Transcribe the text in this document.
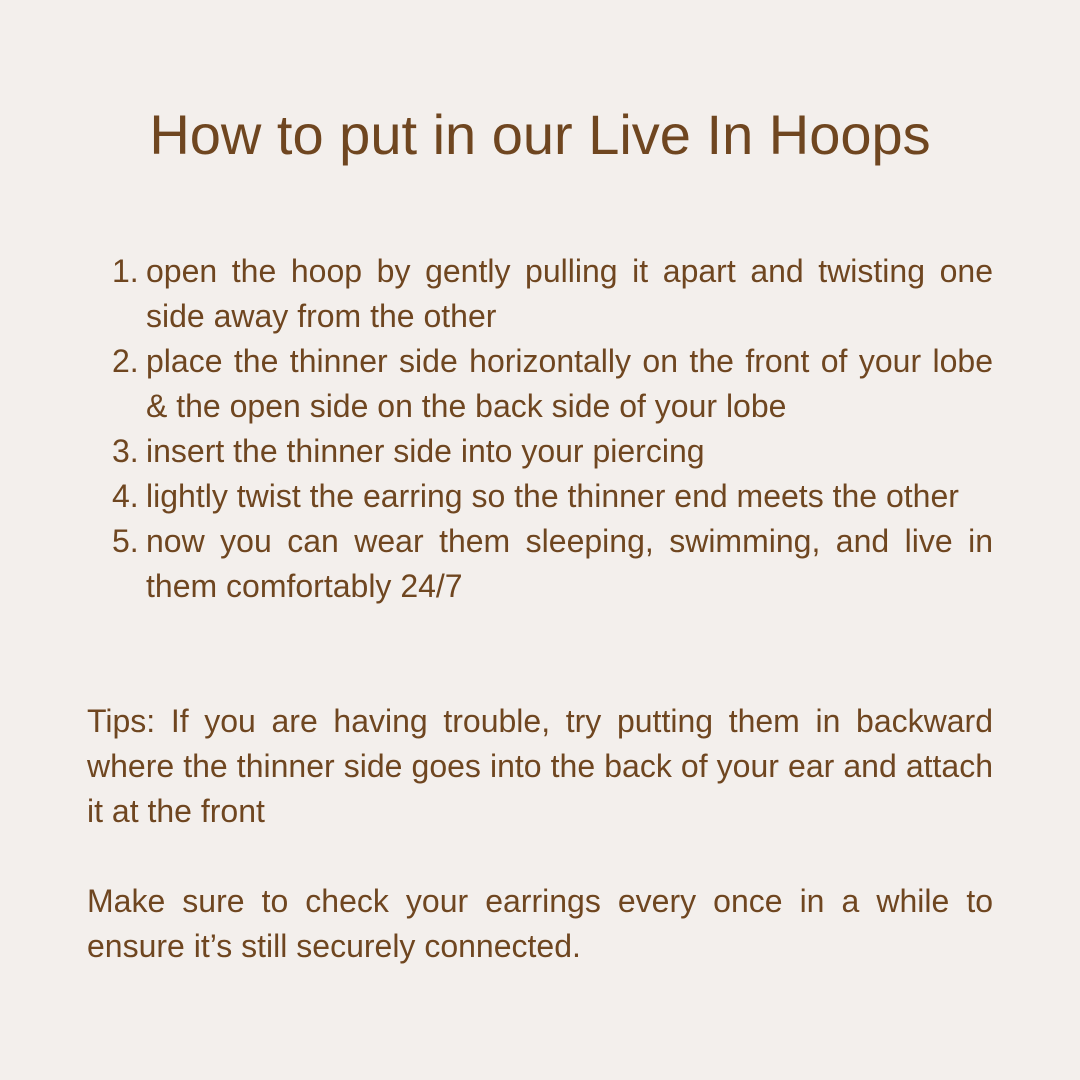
How to put in our Live In Hoops
1. open the hoop by gently pulling it apart and twisting one side away from the other
2. place the thinner side horizontally on the front of your lobe & the open side on the back side of your lobe
3. insert the thinner side into your piercing
4. lightly twist the earring so the thinner end meets the other
5. now you can wear them sleeping, swimming, and live in them comfortably 24/7

Tips: If you are having trouble, try putting them in backward where the thinner side goes into the back of your ear and attach it at the front

Make sure to check your earrings every once in a while to ensure it’s still securely connected.
